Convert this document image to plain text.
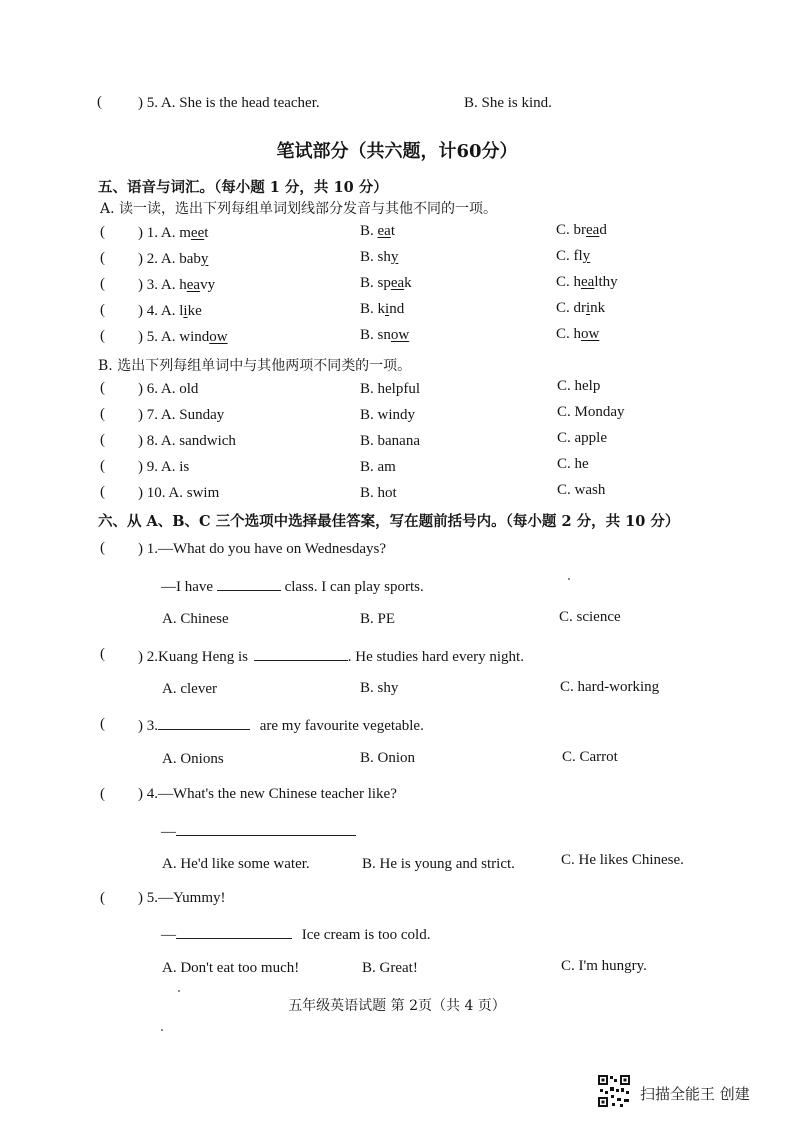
( ) 5. A. She is the head teacher.	B. She is kind.
笔试部分（共六题，计60分）
五、语音与词汇。（每小题 1 分，共 10 分）
A. 读一读，选出下列每组单词划线部分发音与其他不同的一项。
( ) 1. A. meet	B. eat	C. bread
( ) 2. A. baby	B. shy	C. fly
( ) 3. A. heavy	B. speak	C. healthy
( ) 4. A. like	B. kind	C. drink
( ) 5. A. window	B. snow	C. how
B. 选出下列每组单词中与其他两项不同类的一项。
( ) 6. A. old	B. helpful	C. help
( ) 7. A. Sunday	B. windy	C. Monday
( ) 8. A. sandwich	B. banana	C. apple
( ) 9. A. is	B. am	C. he
( ) 10. A. swim	B. hot	C. wash
六、从 A、B、C 三个选项中选择最佳答案，写在题前括号内。（每小题 2 分，共 10 分）
( ) 1.—What do you have on Wednesdays?
—I have	class. I can play sports.
A. Chinese	B. PE	C. science
( ) 2.Kuang Heng is	. He studies hard every night.
A. clever	B. shy	C. hard-working
( ) 3.	are my favourite vegetable.
A. Onions	B. Onion	C. Carrot
( ) 4.—What's the new Chinese teacher like?
—
A. He'd like some water.	B. He is young and strict.	C. He likes Chinese.
( ) 5.—Yummy!
—	Ice cream is too cold.
A. Don't eat too much!	B. Great!	C. I'm hungry.
五年级英语试题 第 2页（共 4 页）
扫描全能王 创建
